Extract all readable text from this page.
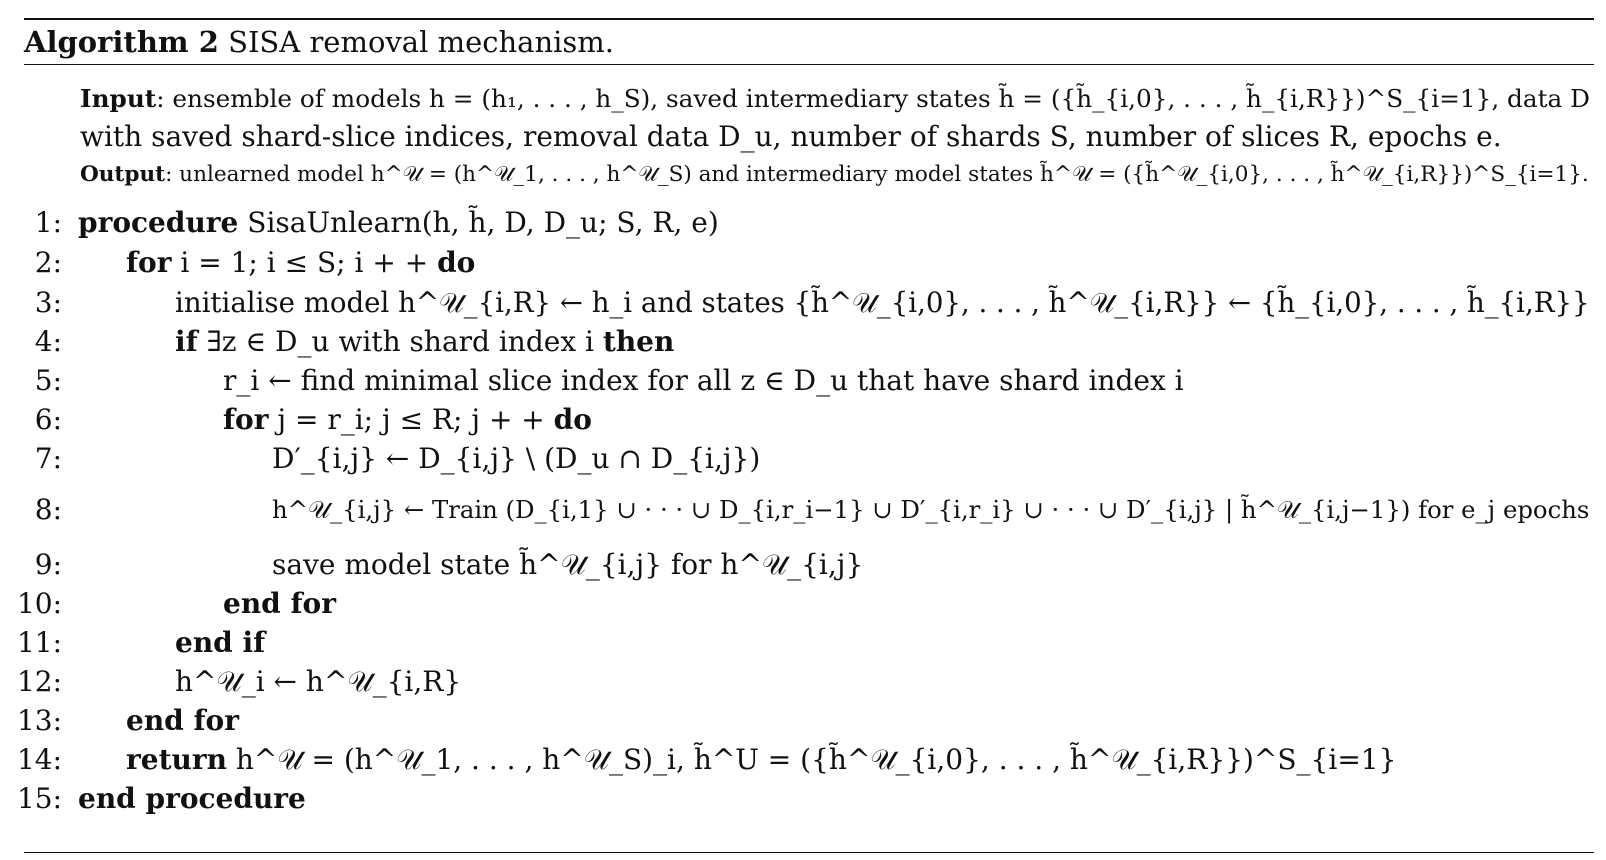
Algorithm 2 SISA removal mechanism.
Input: ensemble of models h = (h₁, . . . , h_S), saved intermediary states h̃ = ({h̃_{i,0}, . . . , h̃_{i,R}})^S_{i=1}, data D
with saved shard-slice indices, removal data D_u, number of shards S, number of slices R, epochs e.
Output: unlearned model h^𝒰 = (h^𝒰_1, . . . , h^𝒰_S) and intermediary model states h̃^𝒰 = ({h̃^𝒰_{i,0}, . . . , h̃^𝒰_{i,R}})^S_{i=1}.
1: procedure SisaUnlearn(h, h̃, D, D_u; S, R, e)
2: for i = 1; i ≤ S; i + + do
3:	initialise model h^𝒰_{i,R} ← h_i and states {h̃^𝒰_{i,0}, . . . , h̃^𝒰_{i,R}} ← {h̃_{i,0}, . . . , h̃_{i,R}}
4:	if ∃z ∈ D_u with shard index i then
5:	r_i ← find minimal slice index for all z ∈ D_u that have shard index i
6:	for j = r_i; j ≤ R; j + + do
7:	D′_{i,j} ← D_{i,j} \ (D_u ∩ D_{i,j})
8:	h^𝒰_{i,j} ← Train (D_{i,1} ∪ · · · ∪ D_{i,r_i−1} ∪ D′_{i,r_i} ∪ · · · ∪ D′_{i,j} | h̃^𝒰_{i,j−1}) for e_j epochs
9:	save model state h̃^𝒰_{i,j} for h^𝒰_{i,j}
10:	end for
11:	end if
12:	h^𝒰_i ← h^𝒰_{i,R}
13: end for
14: return h^𝒰 = (h^𝒰_1, . . . , h^𝒰_S)_i, h̃^U = ({h̃^𝒰_{i,0}, . . . , h̃^𝒰_{i,R}})^S_{i=1}
15: end procedure
